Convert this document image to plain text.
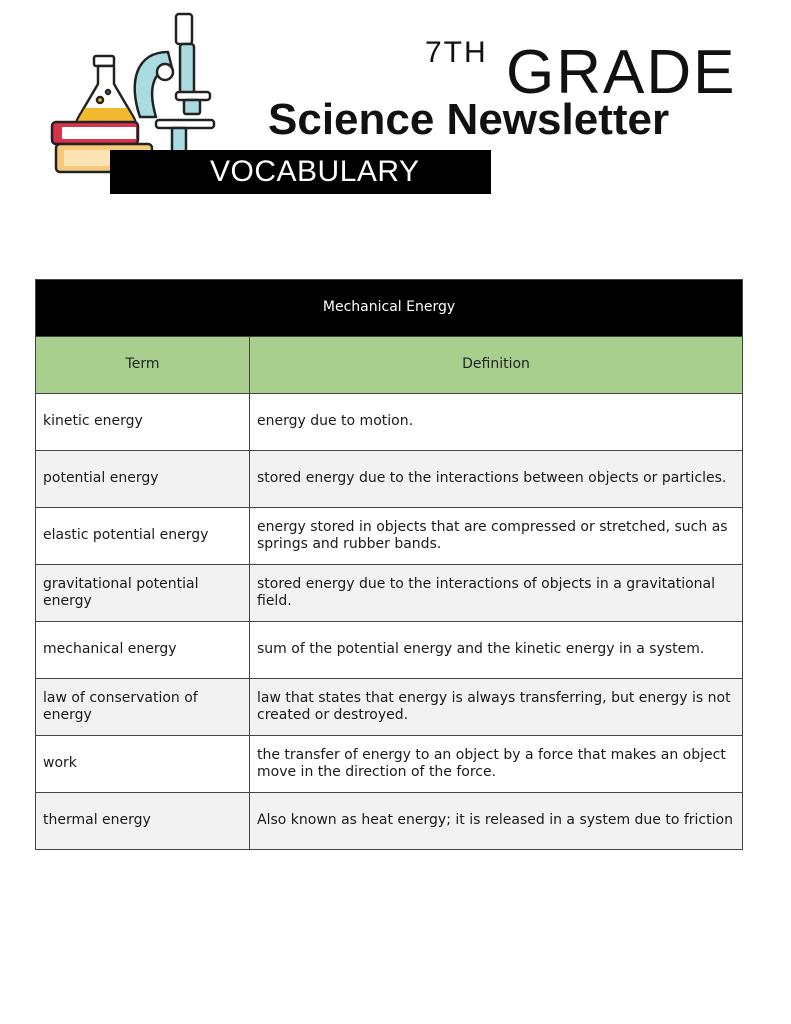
7TH GRADE
Science Newsletter
VOCABULARY
Mechanical Energy	
Term	Definition
kinetic energy	energy due to motion.
potential energy	stored energy due to the interactions between objects or particles.
elastic potential energy	energy stored in objects that are compressed or stretched, such as springs and rubber bands.
gravitational potential energy	stored energy due to the interactions of objects in a gravitational field.
mechanical energy	sum of the potential energy and the kinetic energy in a system.
law of conservation of energy	law that states that energy is always transferring, but energy is not created or destroyed.
work	the transfer of energy to an object by a force that makes an object move in the direction of the force.
thermal energy	Also known as heat energy; it is released in a system due to friction
